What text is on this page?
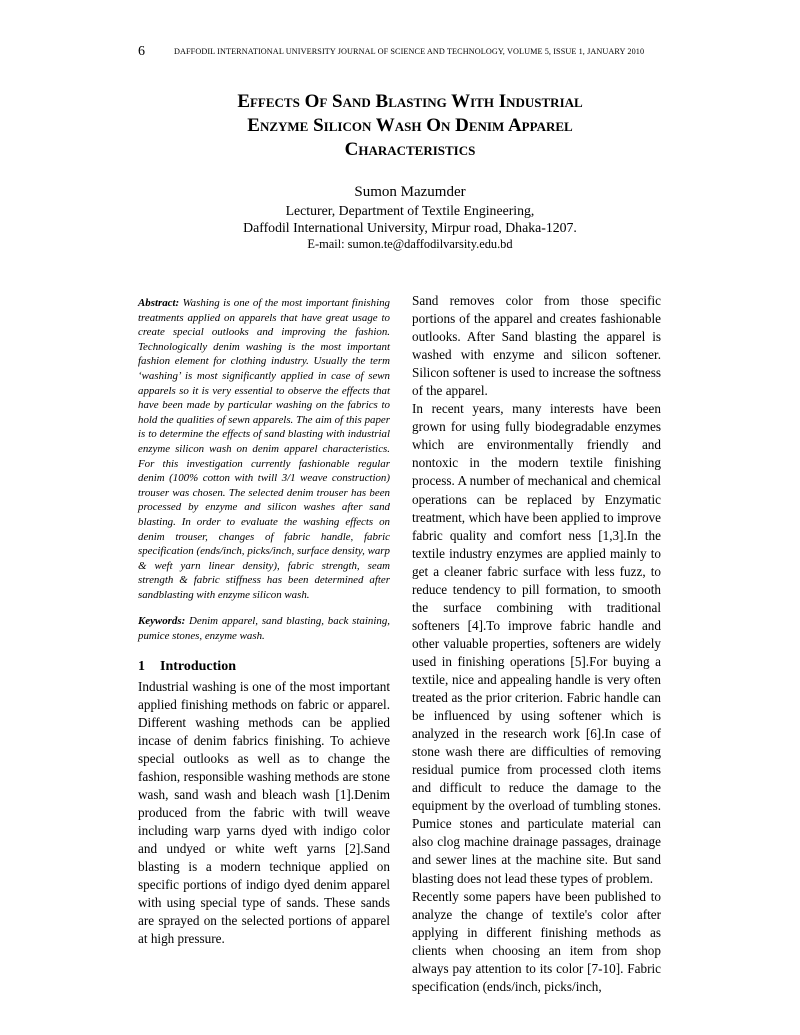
6	DAFFODIL INTERNATIONAL UNIVERSITY JOURNAL OF SCIENCE AND TECHNOLOGY, VOLUME 5, ISSUE 1, JANUARY 2010
Effects Of Sand Blasting With Industrial
Enzyme Silicon Wash On Denim Apparel
Characteristics
Sumon Mazumder
Lecturer, Department of Textile Engineering,
Daffodil International University, Mirpur road, Dhaka-1207.
E-mail: sumon.te@daffodilvarsity.edu.bd

Abstract: Washing is one of the most important finishing treatments applied on apparels that have great usage to create special outlooks and improving the fashion. Technologically denim washing is the most important fashion element for clothing industry. Usually the term ‘washing’ is most significantly applied in case of sewn apparels so it is very essential to observe the effects that have been made by particular washing on the fabrics to hold the qualities of sewn apparels. The aim of this paper is to determine the effects of sand blasting with industrial enzyme silicon wash on denim apparel characteristics. For this investigation currently fashionable regular denim (100% cotton with twill 3/1 weave construction) trouser was chosen. The selected denim trouser has been processed by enzyme and silicon washes after sand blasting. In order to evaluate the washing effects on denim trouser, changes of fabric handle, fabric specification (ends/inch, picks/inch, surface density, warp & weft yarn linear density), fabric strength, seam strength & fabric stiffness has been determined after sandblasting with enzyme silicon wash.

Keywords: Denim apparel, sand blasting, back staining, pumice stones, enzyme wash.

1 Introduction

Industrial washing is one of the most important applied finishing methods on fabric or apparel. Different washing methods can be applied incase of denim fabrics finishing. To achieve special outlooks as well as to change the fashion, responsible washing methods are stone wash, sand wash and bleach wash [1].Denim produced from the fabric with twill weave including warp yarns dyed with indigo color and undyed or white weft yarns [2].Sand blasting is a modern technique applied on specific portions of indigo dyed denim apparel with using special type of sands. These sands are sprayed on the selected portions of apparel at high pressure.

Sand removes color from those specific portions of the apparel and creates fashionable outlooks. After Sand blasting the apparel is washed with enzyme and silicon softener. Silicon softener is used to increase the softness of the apparel.

In recent years, many interests have been grown for using fully biodegradable enzymes which are environmentally friendly and nontoxic in the modern textile finishing process. A number of mechanical and chemical operations can be replaced by Enzymatic treatment, which have been applied to improve fabric quality and comfort ness [1,3].In the textile industry enzymes are applied mainly to get a cleaner fabric surface with less fuzz, to reduce tendency to pill formation, to smooth the surface combining with traditional softeners [4].To improve fabric handle and other valuable properties, softeners are widely used in finishing operations [5].For buying a textile, nice and appealing handle is very often treated as the prior criterion. Fabric handle can be influenced by using softener which is analyzed in the research work [6].In case of stone wash there are difficulties of removing residual pumice from processed cloth items and difficult to reduce the damage to the equipment by the overload of tumbling stones. Pumice stones and particulate material can also clog machine drainage passages, drainage and sewer lines at the machine site. But sand blasting does not lead these types of problem.

Recently some papers have been published to analyze the change of textile's color after applying in different finishing methods as clients when choosing an item from shop always pay attention to its color [7-10]. Fabric specification (ends/inch, picks/inch,
